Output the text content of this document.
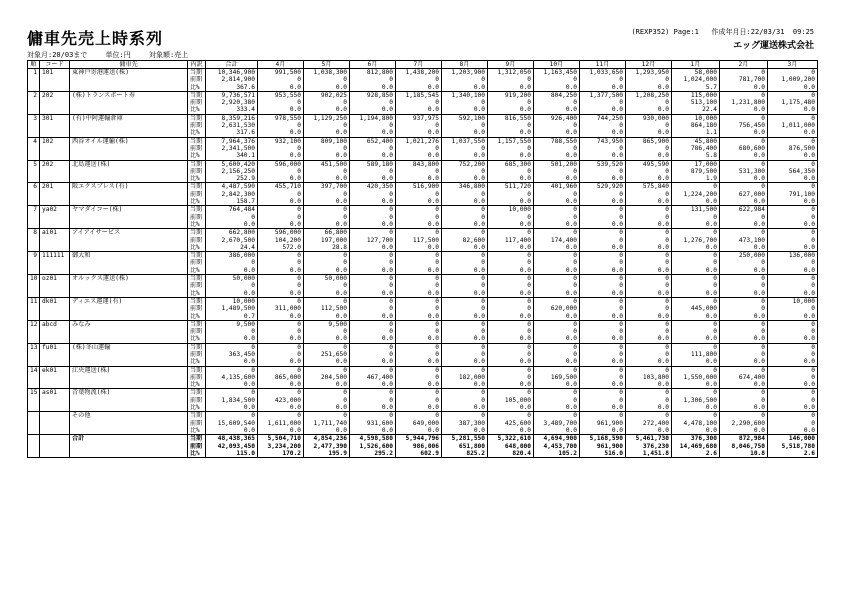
傭車先売上時系列	(REXP352) Page:1 作成年月日:22/03/31 09:25
エッグ運送株式会社
対象月:20/03まで	単位:円	対象額:売上
順	コード	傭車先	内訳	合計	4月	5月	6月	7月	8月	9月	10月	11月	12月	1月	2月	3月
1	101	東神戸寄港運送(株)	当期	10,346,900	991,500	1,038,300	812,800	1,438,200	1,203,900	1,312,050	1,163,450	1,033,650	1,293,950	58,000	0	0
			前期	2,814,900	0	0	0	0	0	0	0	0	0	1,024,000	781,700	1,009,200
			比%	367.6	0.0	0.0	0.0	0.0	0.0	0.0	0.0	0.0	0.0	5.7	0.0	0.0
2	202	(株)トランスポート寿	当期	9,736,571	953,550	902,025	928,850	1,185,545	1,340,100	919,200	804,250	1,377,500	1,208,250	115,000	0	0
			前期	2,920,380	0	0	0	0	0	0	0	0	0	513,100	1,231,800	1,175,480
			比%	333.4	0.0	0.0	0.0	0.0	0.0	0.0	0.0	0.0	0.0	22.4	0.0	0.0
3	301	(有)中阿運輸倉庫	当期	8,359,216	978,550	1,129,250	1,194,800	937,975	592,100	816,550	926,400	744,250	930,000	10,000	0	0
			前期	2,631,530	0	0	0	0	0	0	0	0	0	864,180	756,450	1,011,000
			比%	317.6	0.0	0.0	0.0	0.0	0.0	0.0	0.0	0.0	0.0	1.1	0.0	0.0
4	102	西谷オイル運輸(株)	当期	7,964,376	932,100	809,100	652,400	1,021,276	1,037,550	1,157,550	788,550	743,950	865,900	45,800	0	0
			前期	2,341,500	0	0	0	0	0	0	0	0	0	786,400	680,600	876,500
			比%	340.1	0.0	0.0	0.0	0.0	0.0	0.0	0.0	0.0	0.0	5.8	0.0	0.0
5	202	北島運送(株)	当期	5,600,420	596,000	451,500	589,180	843,800	752,200	685,300	501,200	539,520	495,590	17,000	0	0
			前期	2,156,250	0	0	0	0	0	0	0	0	0	879,500	531,300	564,350
			比%	252.9	0.0	0.0	0.0	0.0	0.0	0.0	0.0	0.0	0.0	1.9	0.0	0.0
6	201	阪エクスプレス(有)	当期	4,487,590	455,710	397,700	420,350	516,900	346,800	511,720	401,960	529,920	575,840	0	0	0
			前期	2,842,300	0	0	0	0	0	0	0	0	0	1,224,200	627,000	791,100
			比%	158.7	0.0	0.0	0.0	0.0	0.0	0.0	0.0	0.0	0.0	0.0	0.0	0.0
7	ya02	ヤマダイコー(株)	当期	764,484	0	0	0	0	0	10,000	0	0	0	131,500	622,984	0
			前期	0	0	0	0	0	0	0	0	0	0	0	0	0
			比%	0.0	0.0	0.0	0.0	0.0	0.0	0.0	0.0	0.0	0.0	0.0	0.0	0.0
8	ai01	アイアイサービス	当期	662,800	596,000	66,800	0	0	0	0	0	0	0	0	0	0
			前期	2,670,500	104,200	197,000	127,700	117,500	82,600	117,400	174,400	0	0	1,276,700	473,100	0
			比%	24.4	572.0	28.8	0.0	0.0	0.0	0.0	0.0	0.0	0.0	0.0	0.0	0.0
9	111111	御大和	当期	386,000	0	0	0	0	0	0	0	0	0	0	250,000	136,000
			前期	0	0	0	0	0	0	0	0	0	0	0	0	0
			比%	0.0	0.0	0.0	0.0	0.0	0.0	0.0	0.0	0.0	0.0	0.0	0.0	0.0
10	oz01	オルックス運送(株)	当期	50,000	0	50,000	0	0	0	0	0	0	0	0	0	0
			前期	0	0	0	0	0	0	0	0	0	0	0	0	0
			比%	0.0	0.0	0.0	0.0	0.0	0.0	0.0	0.0	0.0	0.0	0.0	0.0	0.0
11	dk01	ディエス運運(有)	当期	10,000	0	0	0	0	0	0	0	0	0	0	0	10,000
			前期	1,489,500	311,000	112,500	0	0	0	0	620,000	0	0	445,000	0	0
			比%	0.7	0.0	0.0	0.0	0.0	0.0	0.0	0.0	0.0	0.0	0.0	0.0	0.0
12	abcd	みなみ	当期	9,500	0	9,500	0	0	0	0	0	0	0	0	0	0
			前期	0	0	0	0	0	0	0	0	0	0	0	0	0
			比%	0.0	0.0	0.0	0.0	0.0	0.0	0.0	0.0	0.0	0.0	0.0	0.0	0.0
13	fu01	(株)冬山運輸	当期	0	0	0	0	0	0	0	0	0	0	0	0	0
			前期	363,450	0	251,650	0	0	0	0	0	0	0	111,800	0	0
			比%	0.0	0.0	0.0	0.0	0.0	0.0	0.0	0.0	0.0	0.0	0.0	0.0	0.0
14	ek01	江央運送(株)	当期	0	0	0	0	0	0	0	0	0	0	0	0	0
			前期	4,135,600	865,000	204,500	467,400	0	182,000	0	169,500	0	103,800	1,550,000	674,400	0
			比%	0.0	0.0	0.0	0.0	0.0	0.0	0.0	0.0	0.0	0.0	0.0	0.0	0.0
15	as01	青葉物流(株)	当期	0	0	0	0	0	0	0	0	0	0	0	0	0
			前期	1,834,500	423,000	0	0	0	0	105,000	0	0	0	1,306,500	0	0
			比%	0.0	0.0	0.0	0.0	0.0	0.0	0.0	0.0	0.0	0.0	0.0	0.0	0.0
		その他	当期	0	0	0	0	0	0	0	0	0	0	0	0	0
			前期	15,609,540	1,611,000	1,711,740	931,600	649,000	387,300	425,600	3,489,700	961,900	272,400	4,478,100	2,290,600	0
			比%	0.0	0.0	0.0	0.0	0.0	0.0	0.0	0.0	0.0	0.0	0.0	0.0	0.0
		合計	当期	48,438,365	5,504,710	4,854,236	4,598,580	5,944,796	5,281,550	5,322,610	4,694,900	5,168,590	5,461,730	376,300	872,984	146,000
			前期	42,093,450	3,234,200	2,477,390	1,526,600	986,006	651,800	648,000	4,453,700	961,900	376,230	14,469,680	8,046,750	5,518,780
			比%	115.0	170.2	195.9	295.2	602.9	825.2	820.4	105.2	516.0	1,451.8	2.6	10.8	2.6
